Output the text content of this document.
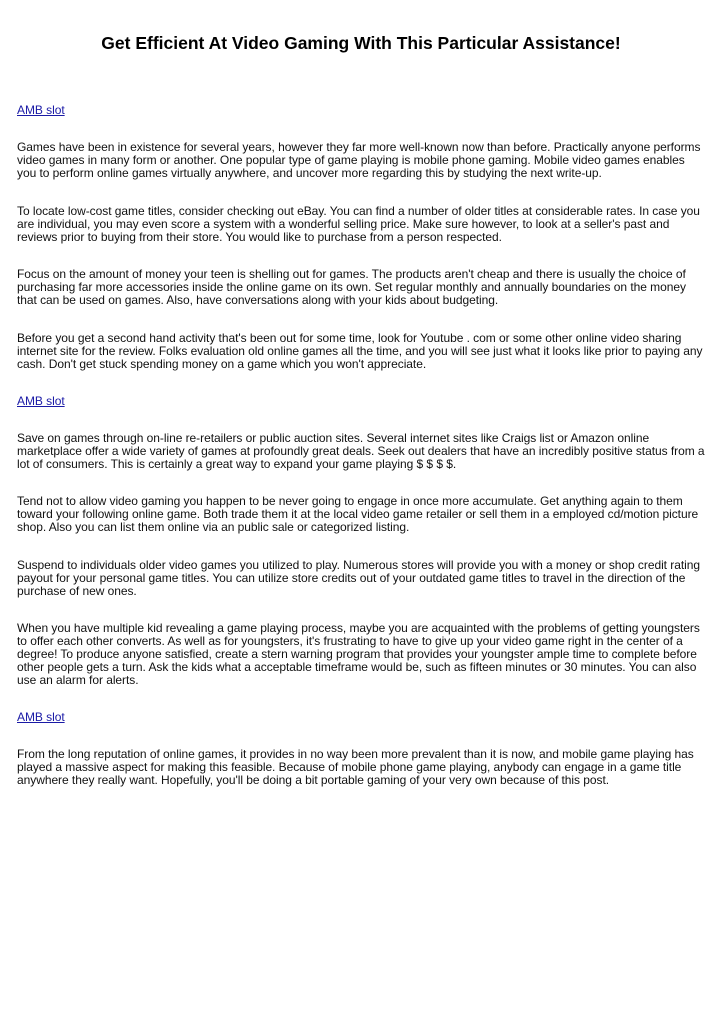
Get Efficient At Video Gaming With This Particular Assistance!
AMB slot

Games have been in existence for several years, however they far more well-known now than before. Practically anyone performs video games in many form or another. One popular type of game playing is mobile phone gaming. Mobile video games enables you to perform online games virtually anywhere, and uncover more regarding this by studying the next write-up.

To locate low-cost game titles, consider checking out eBay. You can find a number of older titles at considerable rates. In case you are individual, you may even score a system with a wonderful selling price. Make sure however, to look at a seller's past and reviews prior to buying from their store. You would like to purchase from a person respected.

Focus on the amount of money your teen is shelling out for games. The products aren't cheap and there is usually the choice of purchasing far more accessories inside the online game on its own. Set regular monthly and annually boundaries on the money that can be used on games. Also, have conversations along with your kids about budgeting.

Before you get a second hand activity that's been out for some time, look for Youtube . com or some other online video sharing internet site for the review. Folks evaluation old online games all the time, and you will see just what it looks like prior to paying any cash. Don't get stuck spending money on a game which you won't appreciate.

AMB slot

Save on games through on-line re-retailers or public auction sites. Several internet sites like Craigs list or Amazon online marketplace offer a wide variety of games at profoundly great deals. Seek out dealers that have an incredibly positive status from a lot of consumers. This is certainly a great way to expand your game playing $ $ $ $.

Tend not to allow video gaming you happen to be never going to engage in once more accumulate. Get anything again to them toward your following online game. Both trade them it at the local video game retailer or sell them in a employed cd/motion picture shop. Also you can list them online via an public sale or categorized listing.

Suspend to individuals older video games you utilized to play. Numerous stores will provide you with a money or shop credit rating payout for your personal game titles. You can utilize store credits out of your outdated game titles to travel in the direction of the purchase of new ones.

When you have multiple kid revealing a game playing process, maybe you are acquainted with the problems of getting youngsters to offer each other converts. As well as for youngsters, it's frustrating to have to give up your video game right in the center of a degree! To produce anyone satisfied, create a stern warning program that provides your youngster ample time to complete before other people gets a turn. Ask the kids what a acceptable timeframe would be, such as fifteen minutes or 30 minutes. You can also use an alarm for alerts.

AMB slot

From the long reputation of online games, it provides in no way been more prevalent than it is now, and mobile game playing has played a massive aspect for making this feasible. Because of mobile phone game playing, anybody can engage in a game title anywhere they really want. Hopefully, you'll be doing a bit portable gaming of your very own because of this post.
